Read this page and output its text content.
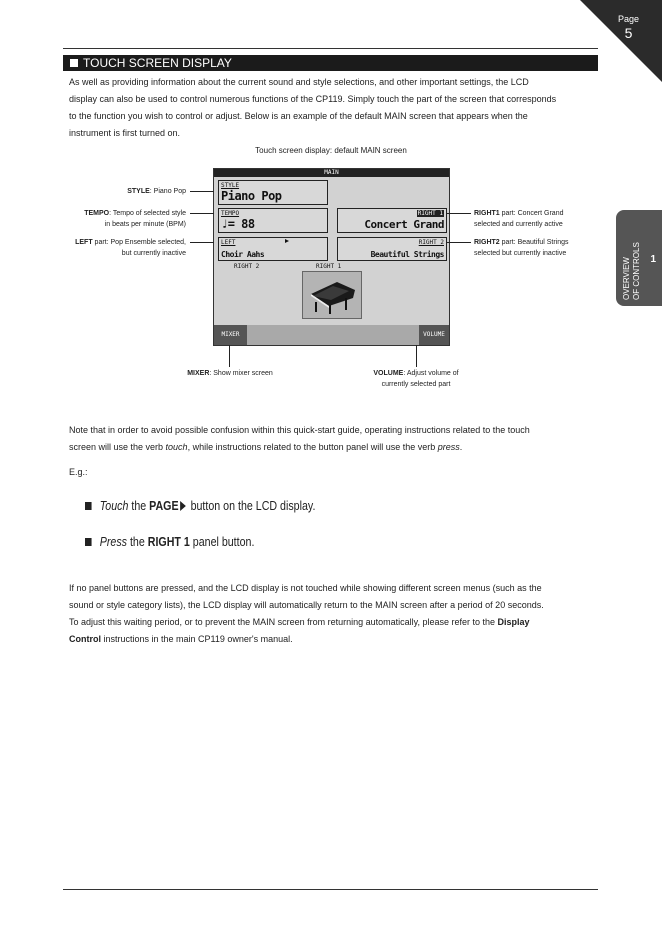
Page
5
OVERVIEW OF CONTROLS 1
TOUCH SCREEN DISPLAY
As well as providing information about the current sound and style selections, and other important settings, the LCD
display can also be used to control numerous functions of the CP119. Simply touch the part of the screen that corresponds
to the function you wish to control or adjust. Below is an example of the default MAIN screen that appears when the
instrument is first turned on.
Touch screen display: default MAIN screen
MAIN
STYLE
Piano Pop
TEMPO
♩= 88
RIGHT 1
Concert Grand
LEFT
Choir Aahs
RIGHT 2
Beautiful Strings
RIGHT 2	RIGHT 1
MIXER	VOLUME
STYLE: Piano Pop
TEMPO: Tempo of selected style
in beats per minute (BPM)
LEFT part: Pop Ensemble selected,
but currently inactive
RIGHT1 part: Concert Grand
selected and currently active
RIGHT2 part: Beautiful Strings
selected but currently inactive
MIXER: Show mixer screen	VOLUME: Adjust volume of
currently selected part
Note that in order to avoid possible confusion within this quick-start guide, operating instructions related to the touch
screen will use the verb touch, while instructions related to the button panel will use the verb press.
E.g.:
Touch the PAGE button on the LCD display.
Press the RIGHT 1 panel button.
If no panel buttons are pressed, and the LCD display is not touched while showing different screen menus (such as the
sound or style category lists), the LCD display will automatically return to the MAIN screen after a period of 20 seconds.
To adjust this waiting period, or to prevent the MAIN screen from returning automatically, please refer to the Display
Control instructions in the main CP119 owner's manual.
